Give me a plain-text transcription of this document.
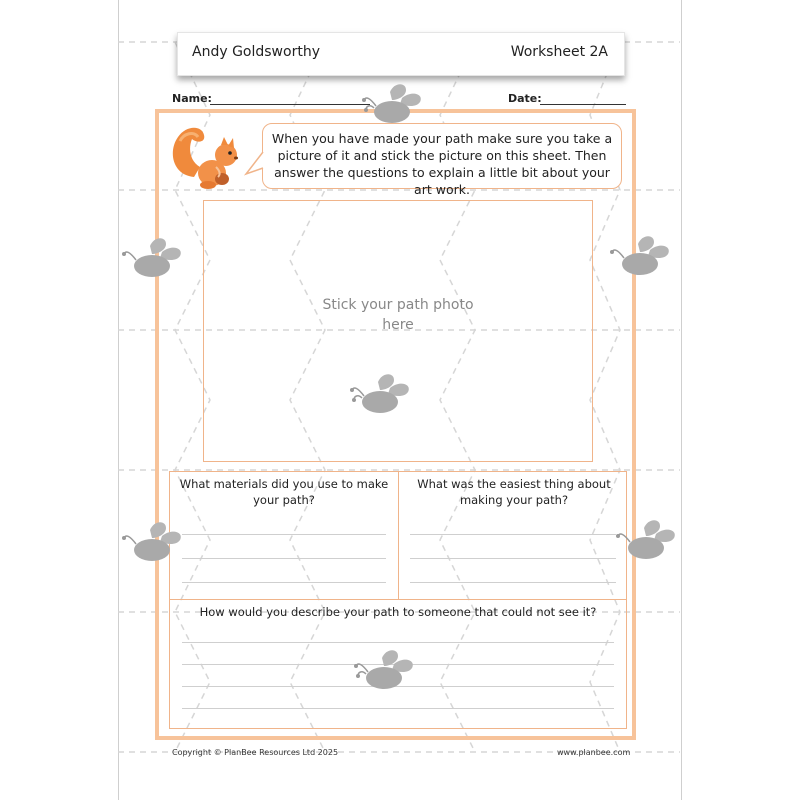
Andy Goldsworthy	Worksheet 2A
Name:	Date:
When you have made your path make sure you take a picture of it and stick the picture on this sheet. Then answer the questions to explain a little bit about your art work.
Stick your path photo
here
What materials did you use to make your path?
What was the easiest thing about making your path?
How would you describe your path to someone that could not see it?
Copyright © PlanBee Resources Ltd 2025	www.planbee.com
